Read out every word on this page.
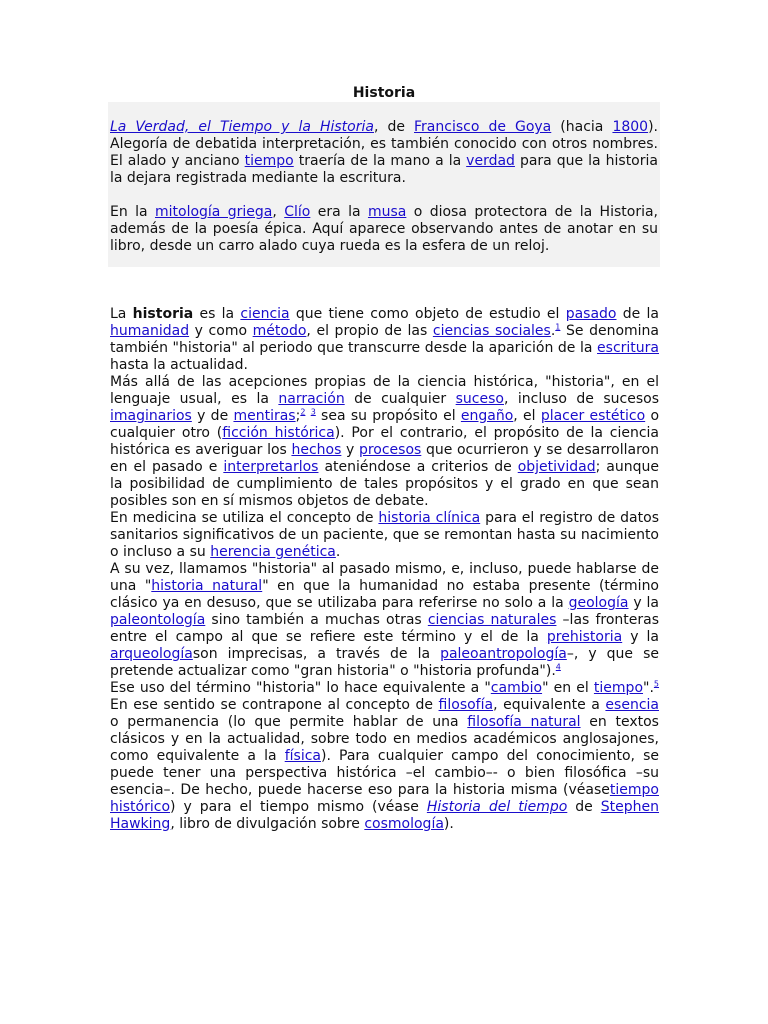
Historia

La Verdad, el Tiempo y la Historia, de Francisco de Goya (hacia 1800). Alegoría de debatida interpretación, es también conocido con otros nombres. El alado y anciano tiempo traería de la mano a la verdad para que la historia la dejara registrada mediante la escritura.

En la mitología griega, Clío era la musa o diosa protectora de la Historia, además de la poesía épica. Aquí aparece observando antes de anotar en su libro, desde un carro alado cuya rueda es la esfera de un reloj.

La historia es la ciencia que tiene como objeto de estudio el pasado de la humanidad y como método, el propio de las ciencias sociales.$^1$ Se denomina también "historia" al periodo que transcurre desde la aparición de la escritura hasta la actualidad.

Más allá de las acepciones propias de la ciencia histórica, "historia", en el lenguaje usual, es la narración de cualquier suceso, incluso de sucesos imaginarios y de mentiras;$^2$ $^3$ sea su propósito el engaño, el placer estético o cualquier otro (ficción histórica). Por el contrario, el propósito de la ciencia histórica es averiguar los hechos y procesos que ocurrieron y se desarrollaron en el pasado e interpretarlos ateniéndose a criterios de objetividad; aunque la posibilidad de cumplimiento de tales propósitos y el grado en que sean posibles son en sí mismos objetos de debate.

En medicina se utiliza el concepto de historia clínica para el registro de datos sanitarios significativos de un paciente, que se remontan hasta su nacimiento o incluso a su herencia genética.

A su vez, llamamos "historia" al pasado mismo, e, incluso, puede hablarse de una "historia natural" en que la humanidad no estaba presente (término clásico ya en desuso, que se utilizaba para referirse no solo a la geología y la paleontología sino también a muchas otras ciencias naturales –las fronteras entre el campo al que se refiere este término y el de la prehistoria y la arqueologíason imprecisas, a través de la paleoantropología–, y que se pretende actualizar como "gran historia" o "historia profunda").$^4$

Ese uso del término "historia" lo hace equivalente a "cambio" en el tiempo".$^5$ En ese sentido se contrapone al concepto de filosofía, equivalente a esencia o permanencia (lo que permite hablar de una filosofía natural en textos clásicos y en la actualidad, sobre todo en medios académicos anglosajones, como equivalente a la física). Para cualquier campo del conocimiento, se puede tener una perspectiva histórica –el cambio–- o bien filosófica –su esencia–. De hecho, puede hacerse eso para la historia misma (véasetiempo histórico) y para el tiempo mismo (véase Historia del tiempo de Stephen Hawking, libro de divulgación sobre cosmología).
